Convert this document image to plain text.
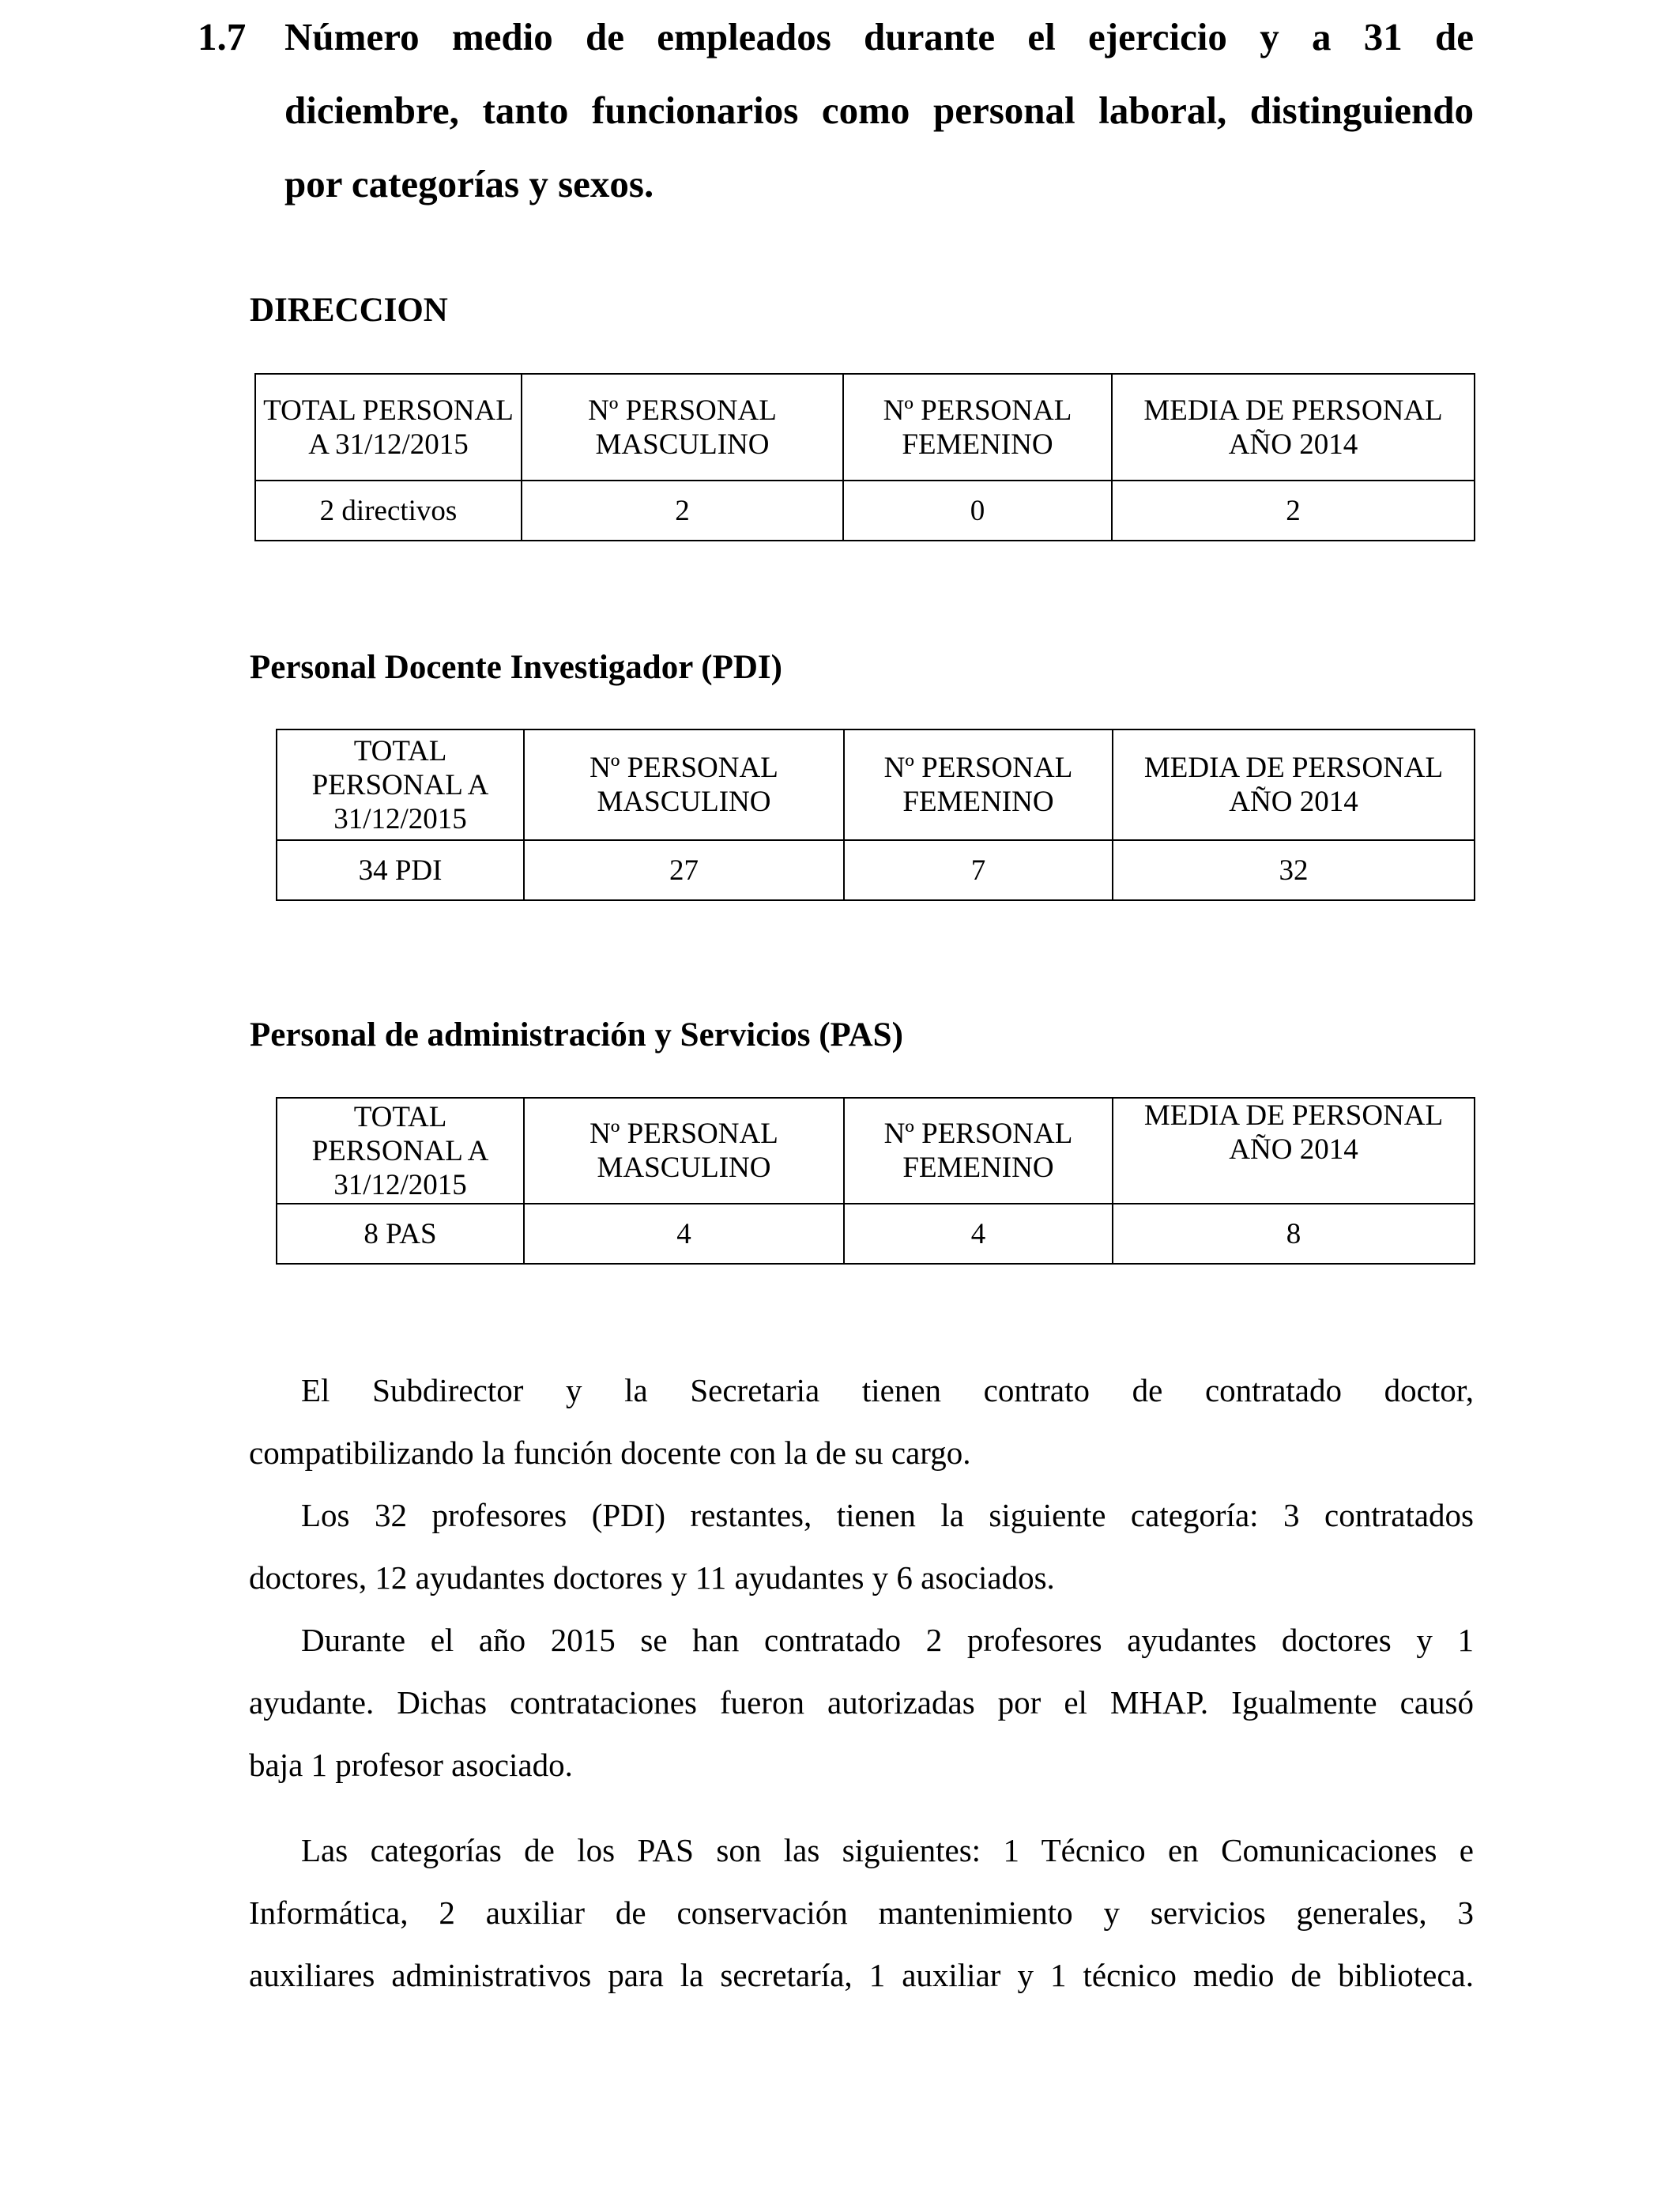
1.7 Número medio de empleados durante el ejercicio y a 31 de
diciembre, tanto funcionarios como personal laboral, distinguiendo
por categorías y sexos.
DIRECCION
TOTAL PERSONAL A 31/12/2015	Nº PERSONAL MASCULINO	Nº PERSONAL FEMENINO	MEDIA DE PERSONAL AÑO 2014
2 directivos	2	0	2
Personal Docente Investigador (PDI)
TOTAL PERSONAL A 31/12/2015	Nº PERSONAL MASCULINO	Nº PERSONAL FEMENINO	MEDIA DE PERSONAL AÑO 2014
34 PDI	27	7	32
Personal de administración y Servicios (PAS)
TOTAL PERSONAL A 31/12/2015	Nº PERSONAL MASCULINO	Nº PERSONAL FEMENINO	MEDIA DE PERSONAL AÑO 2014
8 PAS	4	4	8
El Subdirector y la Secretaria tienen contrato de contratado doctor,
compatibilizando la función docente con la de su cargo.
Los 32 profesores (PDI) restantes, tienen la siguiente categoría: 3 contratados
doctores, 12 ayudantes doctores y 11 ayudantes y 6 asociados.
Durante el año 2015 se han contratado 2 profesores ayudantes doctores y 1
ayudante. Dichas contrataciones fueron autorizadas por el MHAP. Igualmente causó
baja 1 profesor asociado.
Las categorías de los PAS son las siguientes: 1 Técnico en Comunicaciones e
Informática, 2 auxiliar de conservación mantenimiento y servicios generales, 3
auxiliares administrativos para la secretaría, 1 auxiliar y 1 técnico medio de biblioteca.
